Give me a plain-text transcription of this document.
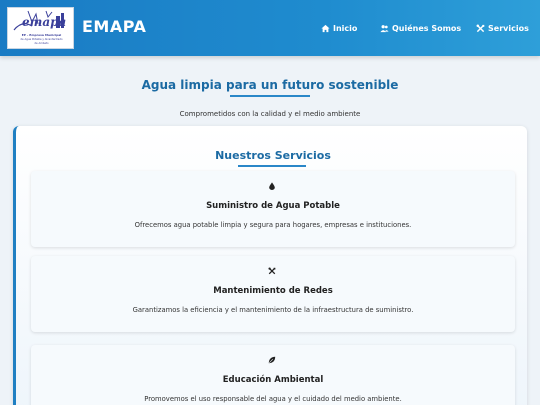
emapa
EP - Empresa Municipal
de Agua Potable y Alcantarillado
de Ambato
EMAPA	Inicio	Quiénes Somos	Servicios
Agua limpia para un futuro sostenible
Comprometidos con la calidad y el medio ambiente
Nuestros Servicios
Suministro de Agua Potable
Ofrecemos agua potable limpia y segura para hogares, empresas e instituciones.
Mantenimiento de Redes
Garantizamos la eficiencia y el mantenimiento de la infraestructura de suministro.
Educación Ambiental
Promovemos el uso responsable del agua y el cuidado del medio ambiente.
